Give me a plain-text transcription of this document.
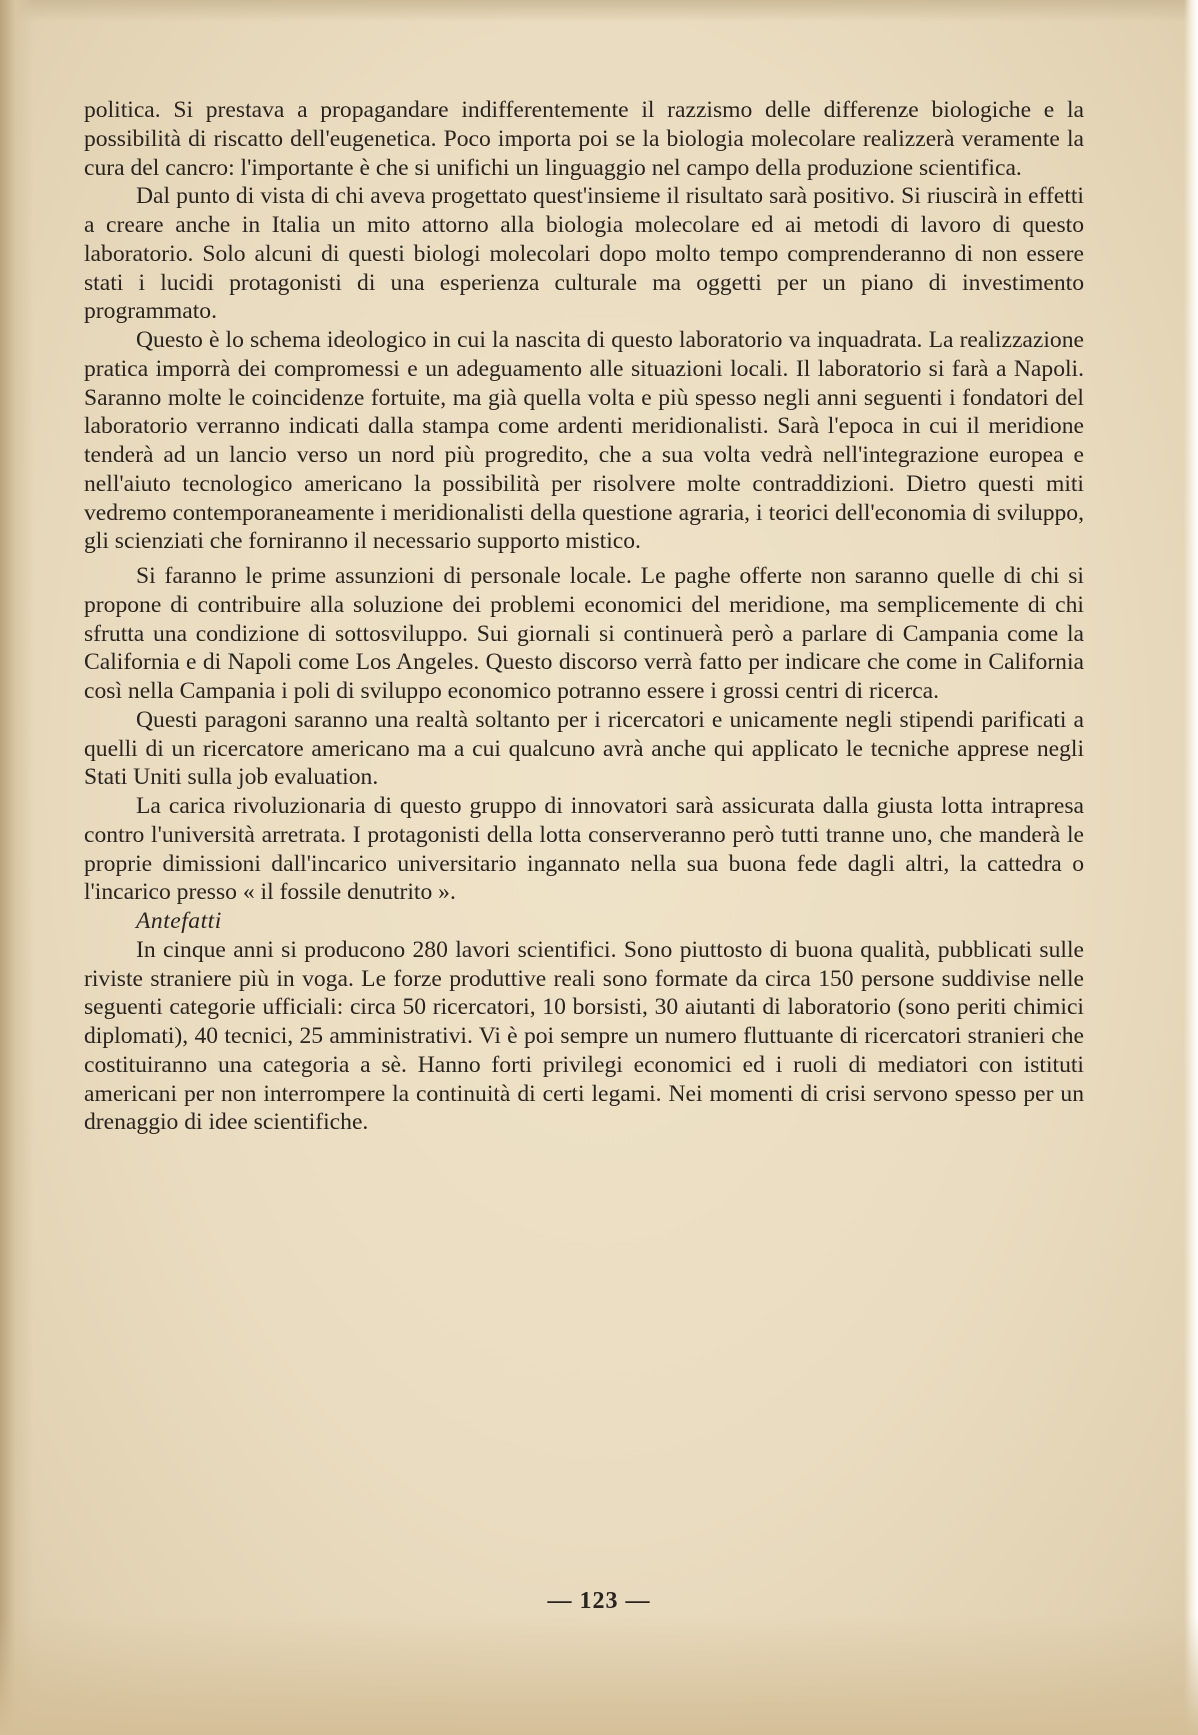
politica. Si prestava a propagandare indifferentemente il razzismo delle differenze biologiche e la possibilità di riscatto dell'eugenetica. Poco importa poi se la biologia molecolare realizzerà veramente la cura del cancro: l'importante è che si unifichi un linguaggio nel campo della produzione scientifica.

Dal punto di vista di chi aveva progettato quest'insieme il risultato sarà positivo. Si riuscirà in effetti a creare anche in Italia un mito attorno alla biologia molecolare ed ai metodi di lavoro di questo laboratorio. Solo alcuni di questi biologi molecolari dopo molto tempo comprenderanno di non essere stati i lucidi protagonisti di una esperienza culturale ma oggetti per un piano di investimento programmato.

Questo è lo schema ideologico in cui la nascita di questo laboratorio va inquadrata. La realizzazione pratica imporrà dei compromessi e un adeguamento alle situazioni locali. Il laboratorio si farà a Napoli. Saranno molte le coincidenze fortuite, ma già quella volta e più spesso negli anni seguenti i fondatori del laboratorio verranno indicati dalla stampa come ardenti meridionalisti. Sarà l'epoca in cui il meridione tenderà ad un lancio verso un nord più progredito, che a sua volta vedrà nell'integrazione europea e nell'aiuto tecnologico americano la possibilità per risolvere molte contraddizioni. Dietro questi miti vedremo contemporaneamente i meridionalisti della questione agraria, i teorici dell'economia di sviluppo, gli scienziati che forniranno il necessario supporto mistico.

Si faranno le prime assunzioni di personale locale. Le paghe offerte non saranno quelle di chi si propone di contribuire alla soluzione dei problemi economici del meridione, ma semplicemente di chi sfrutta una condizione di sottosviluppo. Sui giornali si continuerà però a parlare di Campania come la California e di Napoli come Los Angeles. Questo discorso verrà fatto per indicare che come in California così nella Campania i poli di sviluppo economico potranno essere i grossi centri di ricerca.

Questi paragoni saranno una realtà soltanto per i ricercatori e unicamente negli stipendi parificati a quelli di un ricercatore americano ma a cui qualcuno avrà anche qui applicato le tecniche apprese negli Stati Uniti sulla job evaluation.

La carica rivoluzionaria di questo gruppo di innovatori sarà assicurata dalla giusta lotta intrapresa contro l'università arretrata. I protagonisti della lotta conserveranno però tutti tranne uno, che manderà le proprie dimissioni dall'incarico universitario ingannato nella sua buona fede dagli altri, la cattedra o l'incarico presso « il fossile denutrito ».

Antefatti

In cinque anni si producono 280 lavori scientifici. Sono piuttosto di buona qualità, pubblicati sulle riviste straniere più in voga. Le forze produttive reali sono formate da circa 150 persone suddivise nelle seguenti categorie ufficiali: circa 50 ricercatori, 10 borsisti, 30 aiutanti di laboratorio (sono periti chimici diplomati), 40 tecnici, 25 amministrativi. Vi è poi sempre un numero fluttuante di ricercatori stranieri che costituiranno una categoria a sè. Hanno forti privilegi economici ed i ruoli di mediatori con istituti americani per non interrompere la continuità di certi legami. Nei momenti di crisi servono spesso per un drenaggio di idee scientifiche.

— 123 —
